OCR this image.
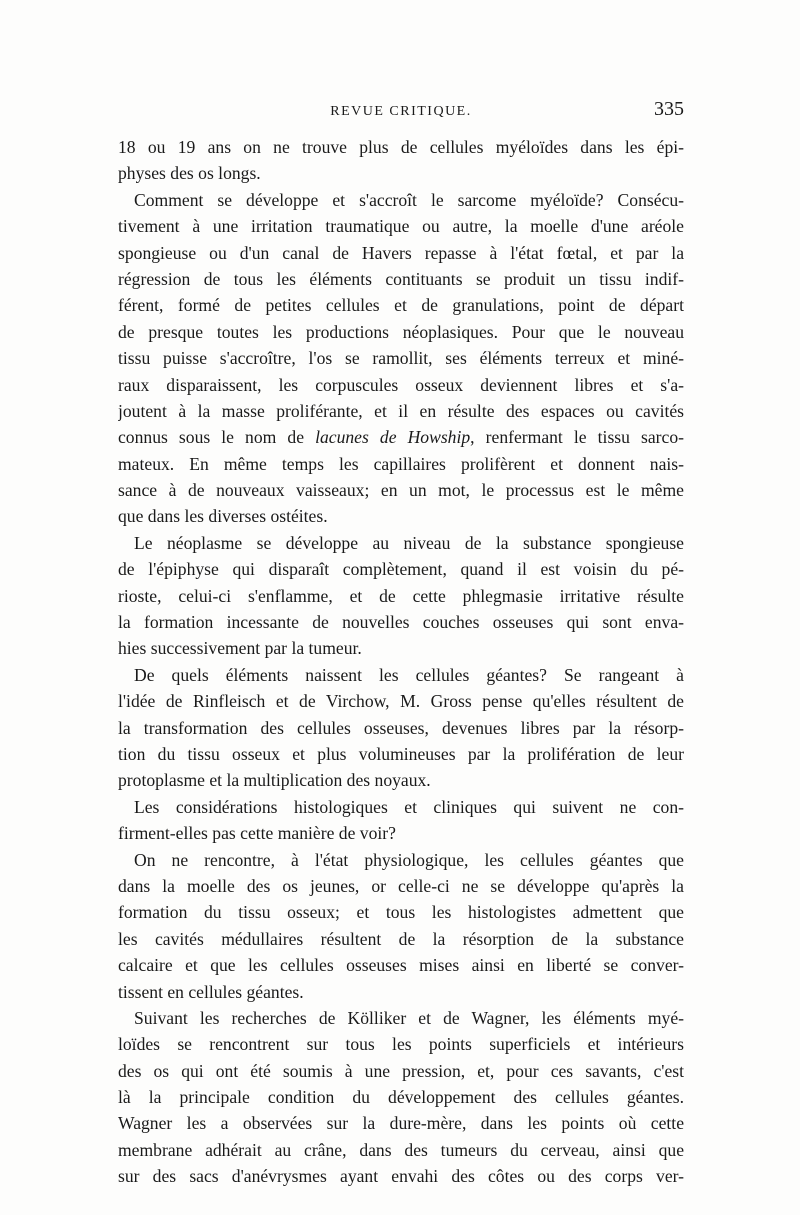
REVUE CRITIQUE.	335
18 ou 19 ans on ne trouve plus de cellules myéloïdes dans les épi-
physes des os longs.
Comment se développe et s'accroît le sarcome myéloïde? Consécu-
tivement à une irritation traumatique ou autre, la moelle d'une aréole
spongieuse ou d'un canal de Havers repasse à l'état fœtal, et par la
régression de tous les éléments contituants se produit un tissu indif-
férent, formé de petites cellules et de granulations, point de départ
de presque toutes les productions néoplasiques. Pour que le nouveau
tissu puisse s'accroître, l'os se ramollit, ses éléments terreux et miné-
raux disparaissent, les corpuscules osseux deviennent libres et s'a-
joutent à la masse proliférante, et il en résulte des espaces ou cavités
connus sous le nom de lacunes de Howship, renfermant le tissu sarco-
mateux. En même temps les capillaires prolifèrent et donnent nais-
sance à de nouveaux vaisseaux; en un mot, le processus est le même
que dans les diverses ostéites.
Le néoplasme se développe au niveau de la substance spongieuse
de l'épiphyse qui disparaît complètement, quand il est voisin du pé-
rioste, celui-ci s'enflamme, et de cette phlegmasie irritative résulte
la formation incessante de nouvelles couches osseuses qui sont enva-
hies successivement par la tumeur.
De quels éléments naissent les cellules géantes? Se rangeant à
l'idée de Rinfleisch et de Virchow, M. Gross pense qu'elles résultent de
la transformation des cellules osseuses, devenues libres par la résorp-
tion du tissu osseux et plus volumineuses par la prolifération de leur
protoplasme et la multiplication des noyaux.
Les considérations histologiques et cliniques qui suivent ne con-
firment-elles pas cette manière de voir?
On ne rencontre, à l'état physiologique, les cellules géantes que
dans la moelle des os jeunes, or celle-ci ne se développe qu'après la
formation du tissu osseux; et tous les histologistes admettent que
les cavités médullaires résultent de la résorption de la substance
calcaire et que les cellules osseuses mises ainsi en liberté se conver-
tissent en cellules géantes.
Suivant les recherches de Kölliker et de Wagner, les éléments myé-
loïdes se rencontrent sur tous les points superficiels et intérieurs
des os qui ont été soumis à une pression, et, pour ces savants, c'est
là la principale condition du développement des cellules géantes.
Wagner les a observées sur la dure-mère, dans les points où cette
membrane adhérait au crâne, dans des tumeurs du cerveau, ainsi que
sur des sacs d'anévrysmes ayant envahi des côtes ou des corps ver-
